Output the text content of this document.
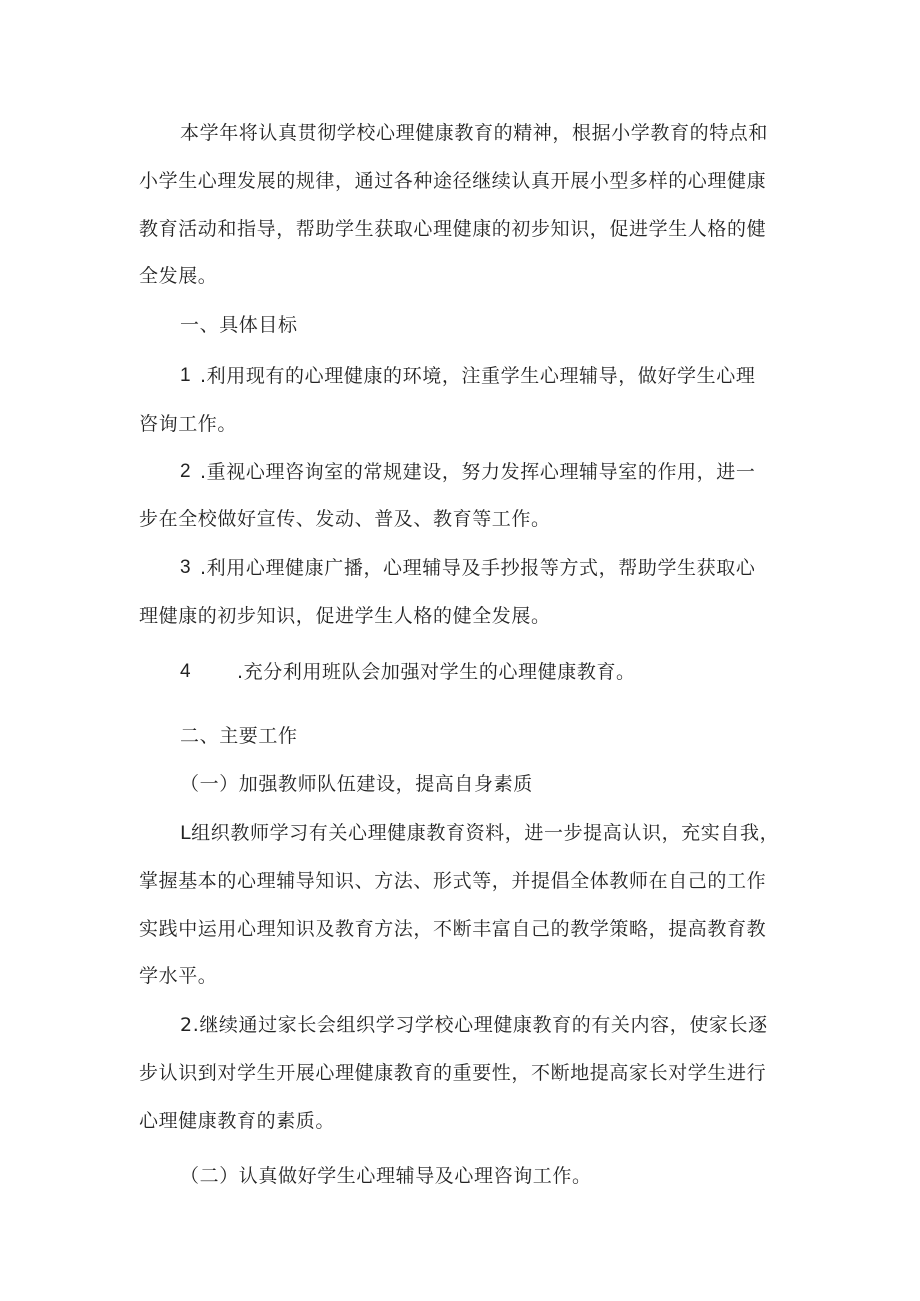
本学年将认真贯彻学校心理健康教育的精神，根据小学教育的特点和
小学生心理发展的规律，通过各种途径继续认真开展小型多样的心理健康
教育活动和指导，帮助学生获取心理健康的初步知识，促进学生人格的健
全发展。
一、具体目标
1 .利用现有的心理健康的环境，注重学生心理辅导，做好学生心理
咨询工作。
2 .重视心理咨询室的常规建设，努力发挥心理辅导室的作用，进一
步在全校做好宣传、发动、普及、教育等工作。
3 .利用心理健康广播，心理辅导及手抄报等方式，帮助学生获取心
理健康的初步知识，促进学生人格的健全发展。
4 .充分利用班队会加强对学生的心理健康教育。
二、主要工作
（一）加强教师队伍建设，提高自身素质
L组织教师学习有关心理健康教育资料，进一步提高认识，充实自我，
掌握基本的心理辅导知识、方法、形式等，并提倡全体教师在自己的工作
实践中运用心理知识及教育方法，不断丰富自己的教学策略，提高教育教
学水平。
2.继续通过家长会组织学习学校心理健康教育的有关内容，使家长逐
步认识到对学生开展心理健康教育的重要性，不断地提高家长对学生进行
心理健康教育的素质。
（二）认真做好学生心理辅导及心理咨询工作。
